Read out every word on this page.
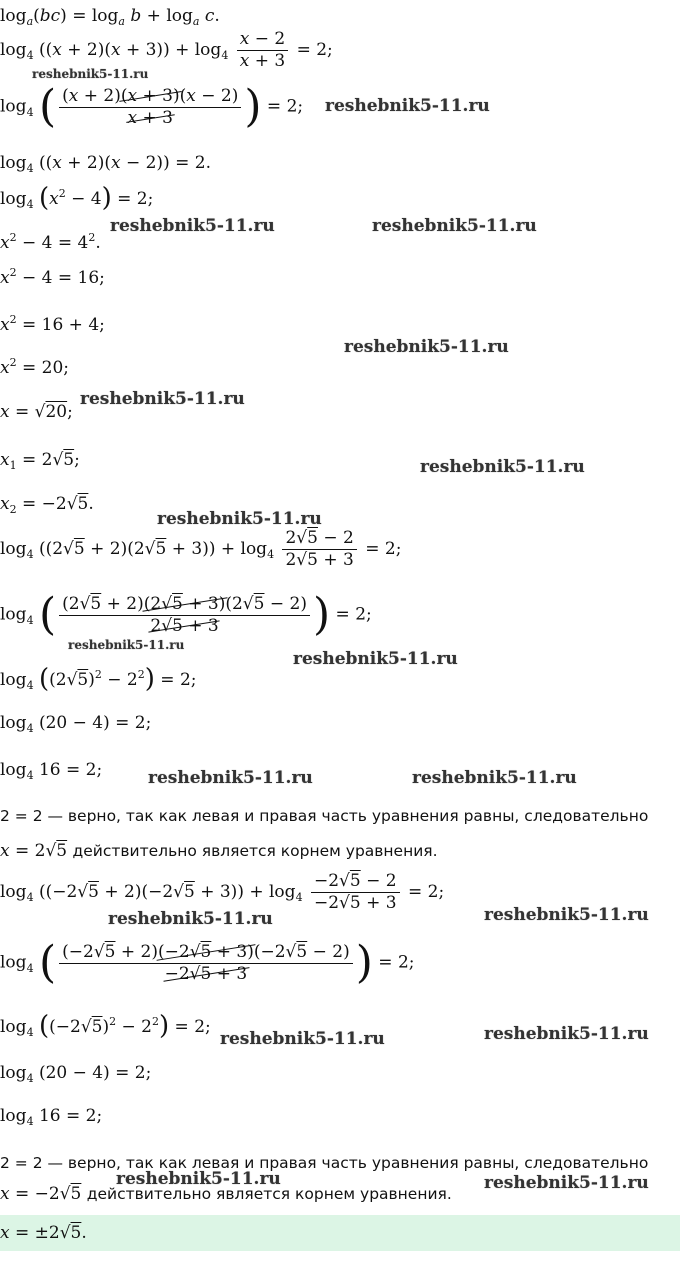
$\log_a(bc) = \log_a b + \log_a c$.
$\log_4 ((x + 2)(x + 3)) + \log_4 \frac{x - 2}{x + 3} = 2$;
$\log_4$ ( $\frac{(x + 2)(x + 3)(x - 2)}{x + 3}$ ) = 2;
$\log_4 ((x + 2)(x - 2)) = 2$.
$\log_4 (x^2 - 4) = 2$;
$x^2 - 4 = 4^2$.
$x^2 - 4 = 16$;
$x^2 = 16 + 4$;
$x^2 = 20$;
x = √20;
$x_1 = 2√5$;
$x_2 = -2√5$.
$\log_4 ((2√5 + 2)(2√5 + 3)) + \log_4 \frac{2√5 - 2}{2√5 + 3} = 2$;
$\log_4$ ( $\frac{(2√5 + 2)(2√5 + 3)(2√5 - 2)}{2√5 + 3}$ ) = 2;
$\log_4 ((2√5)^2 - 2^2) = 2$;
$\log_4 (20 - 4) = 2$;
$\log_4 16 = 2$;
2 = 2 — верно, так как левая и правая часть уравнения равны, следовательно
x = 2√5 действительно является корнем уравнения.
$\log_4 ((-2√5 + 2)(-2√5 + 3)) + \log_4 \frac{-2√5 - 2}{-2√5 + 3} = 2$;
$\log_4$ ( $\frac{(-2√5 + 2)(-2√5 + 3)(-2√5 - 2)}{-2√5 + 3}$ ) = 2;
$\log_4 ((-2√5)^2 - 2^2) = 2$;
$\log_4 (20 - 4) = 2$;
$\log_4 16 = 2$;
2 = 2 — верно, так как левая и правая часть уравнения равны, следовательно
x = −2√5 действительно является корнем уравнения.
x = ±2√5.
reshebnik5-11.ru
reshebnik5-11.ru
reshebnik5-11.ru	reshebnik5-11.ru
reshebnik5-11.ru
reshebnik5-11.ru
reshebnik5-11.ru
reshebnik5-11.ru
reshebnik5-11.ru
reshebnik5-11.ru
reshebnik5-11.ru	reshebnik5-11.ru
reshebnik5-11.ru	reshebnik5-11.ru
reshebnik5-11.ru	reshebnik5-11.ru
reshebnik5-11.ru	reshebnik5-11.ru
